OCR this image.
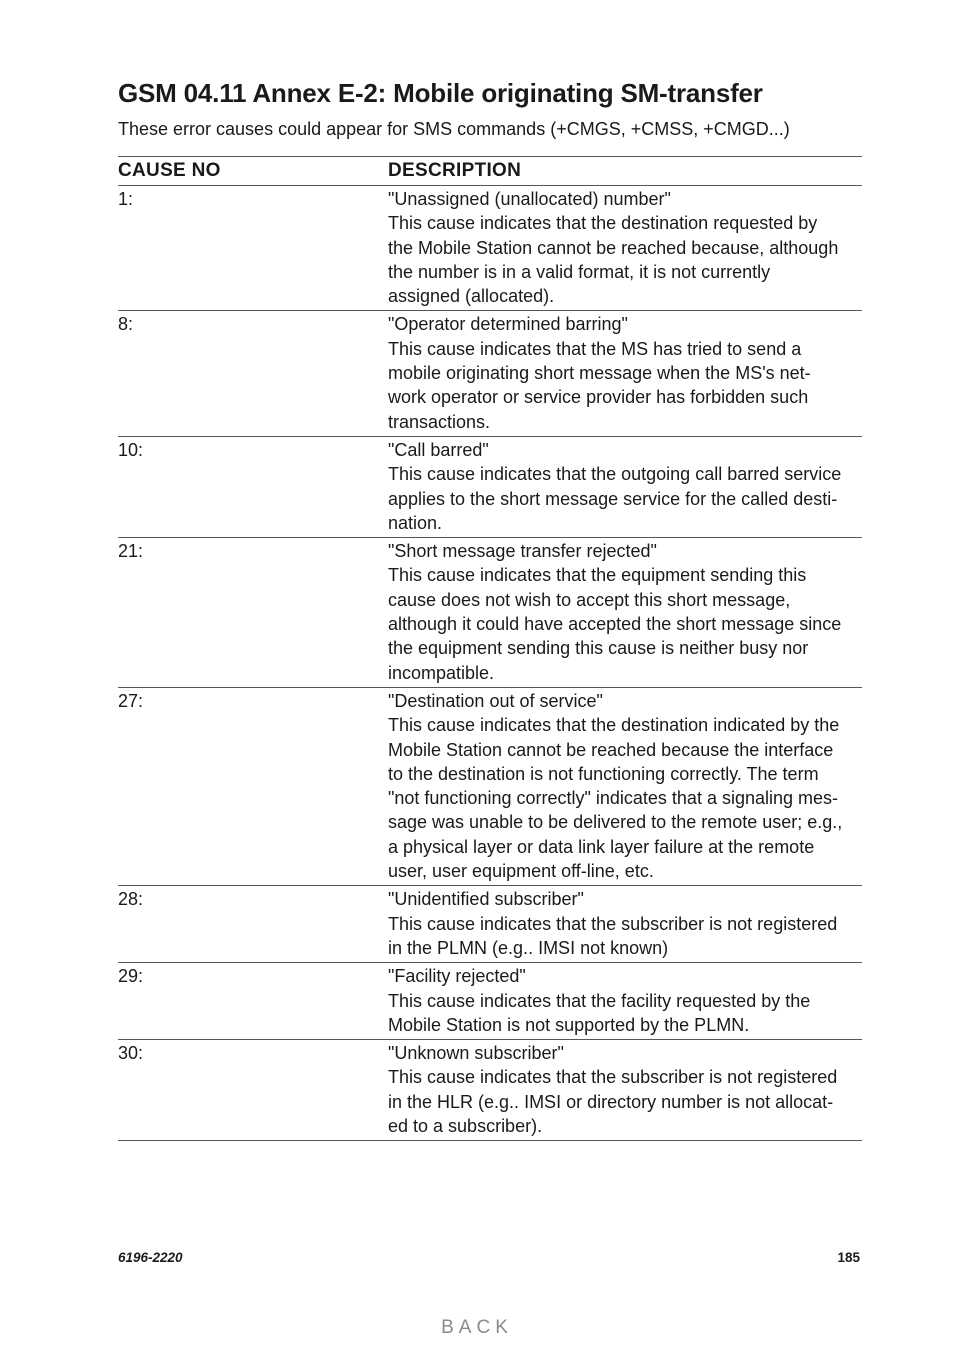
GSM 04.11 Annex E-2: Mobile originating SM-transfer

These error causes could appear for SMS commands (+CMGS, +CMSS, +CMGD...)

CAUSE NO	DESCRIPTION
1:	"Unassigned (unallocated) number"
This cause indicates that the destination requested by
the Mobile Station cannot be reached because, although
the number is in a valid format, it is not currently
assigned (allocated).
8:	"Operator determined barring"
This cause indicates that the MS has tried to send a
mobile originating short message when the MS's net-
work operator or service provider has forbidden such
transactions.
10:	"Call barred"
This cause indicates that the outgoing call barred service
applies to the short message service for the called desti-
nation.
21:	"Short message transfer rejected"
This cause indicates that the equipment sending this
cause does not wish to accept this short message,
although it could have accepted the short message since
the equipment sending this cause is neither busy nor
incompatible.
27:	"Destination out of service"
This cause indicates that the destination indicated by the
Mobile Station cannot be reached because the interface
to the destination is not functioning correctly. The term
"not functioning correctly" indicates that a signaling mes-
sage was unable to be delivered to the remote user; e.g.,
a physical layer or data link layer failure at the remote
user, user equipment off-line, etc.
28:	"Unidentified subscriber"
This cause indicates that the subscriber is not registered
in the PLMN (e.g.. IMSI not known)
29:	"Facility rejected"
This cause indicates that the facility requested by the
Mobile Station is not supported by the PLMN.
30:	"Unknown subscriber"
This cause indicates that the subscriber is not registered
in the HLR (e.g.. IMSI or directory number is not allocat-
ed to a subscriber).
6196-2220	185
BACK
